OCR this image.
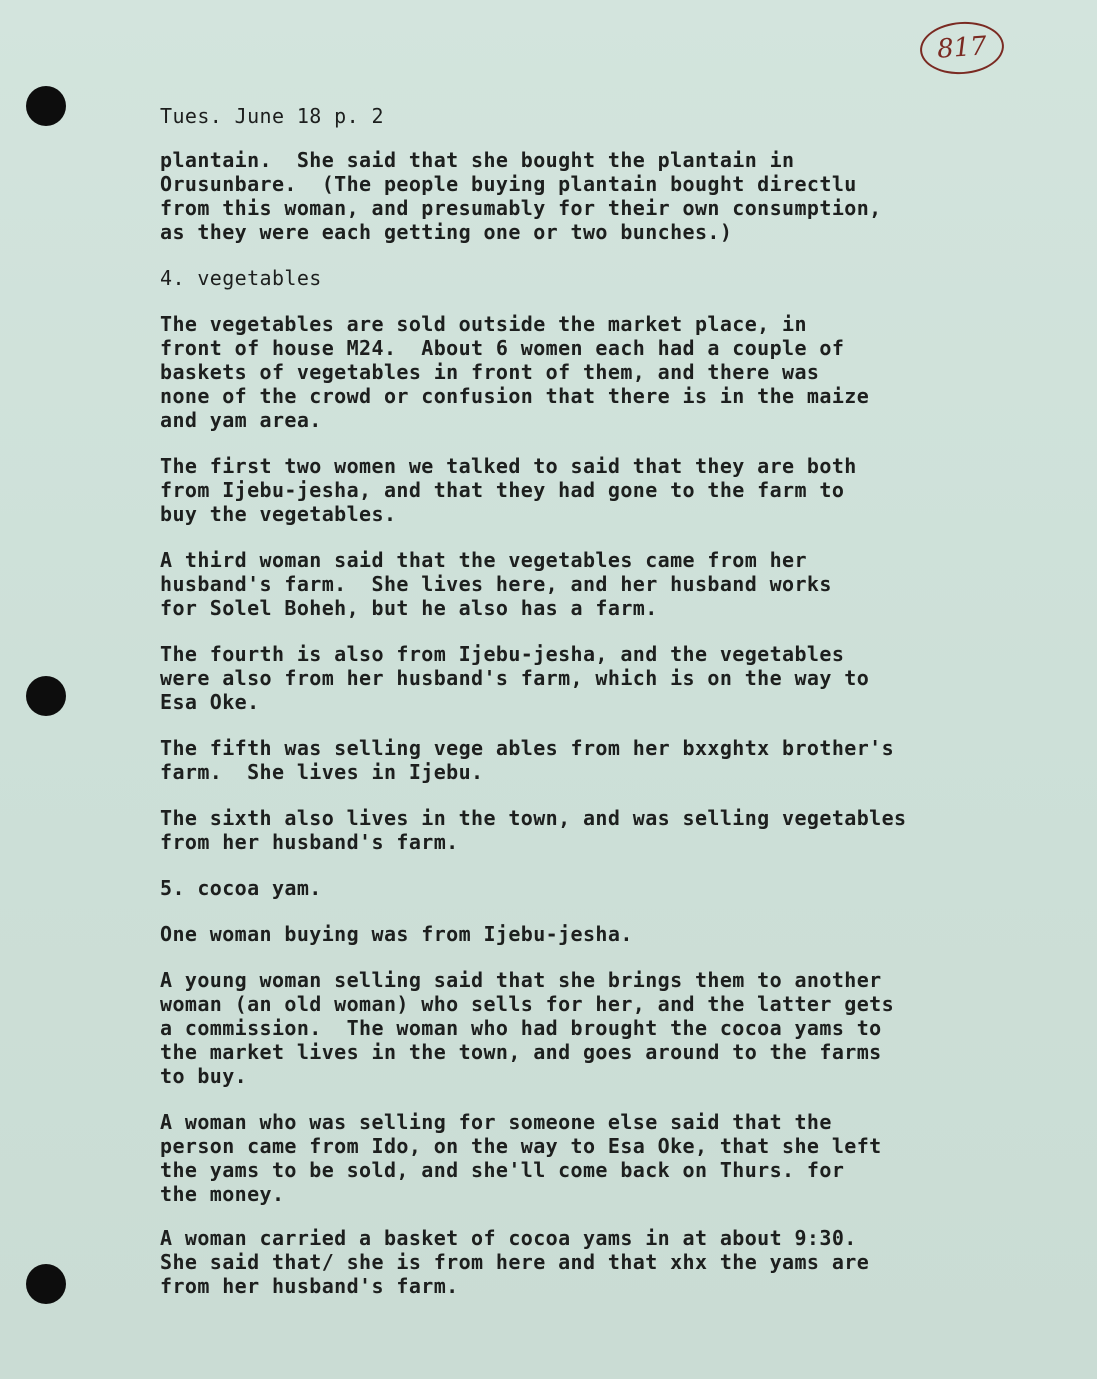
817
Tues. June 18 p. 2
plantain.  She said that she bought the plantain in
Orusunbare.  (The people buying plantain bought directlu
from this woman, and presumably for their own consumption,
as they were each getting one or two bunches.)
4. vegetables
The vegetables are sold outside the market place, in
front of house M24.  About 6 women each had a couple of
baskets of vegetables in front of them, and there was
none of the crowd or confusion that there is in the maize
and yam area.
The first two women we talked to said that they are both
from Ijebu-jesha, and that they had gone to the farm to
buy the vegetables.
A third woman said that the vegetables came from her
husband's farm.  She lives here, and her husband works
for Solel Boheh, but he also has a farm.
The fourth is also from Ijebu-jesha, and the vegetables
were also from her husband's farm, which is on the way to
Esa Oke.
The fifth was selling vege ables from her bxxghtx brother's
farm.  She lives in Ijebu.
The sixth also lives in the town, and was selling vegetables
from her husband's farm.
5. cocoa yam.
One woman buying was from Ijebu-jesha.
A young woman selling said that she brings them to another
woman (an old woman) who sells for her, and the latter gets
a commission.  The woman who had brought the cocoa yams to
the market lives in the town, and goes around to the farms
to buy.
A woman who was selling for someone else said that the
person came from Ido, on the way to Esa Oke, that she left
the yams to be sold, and she'll come back on Thurs. for
the money.
A woman carried a basket of cocoa yams in at about 9:30.
She said that/ she is from here and that xhx the yams are
from her husband's farm.
